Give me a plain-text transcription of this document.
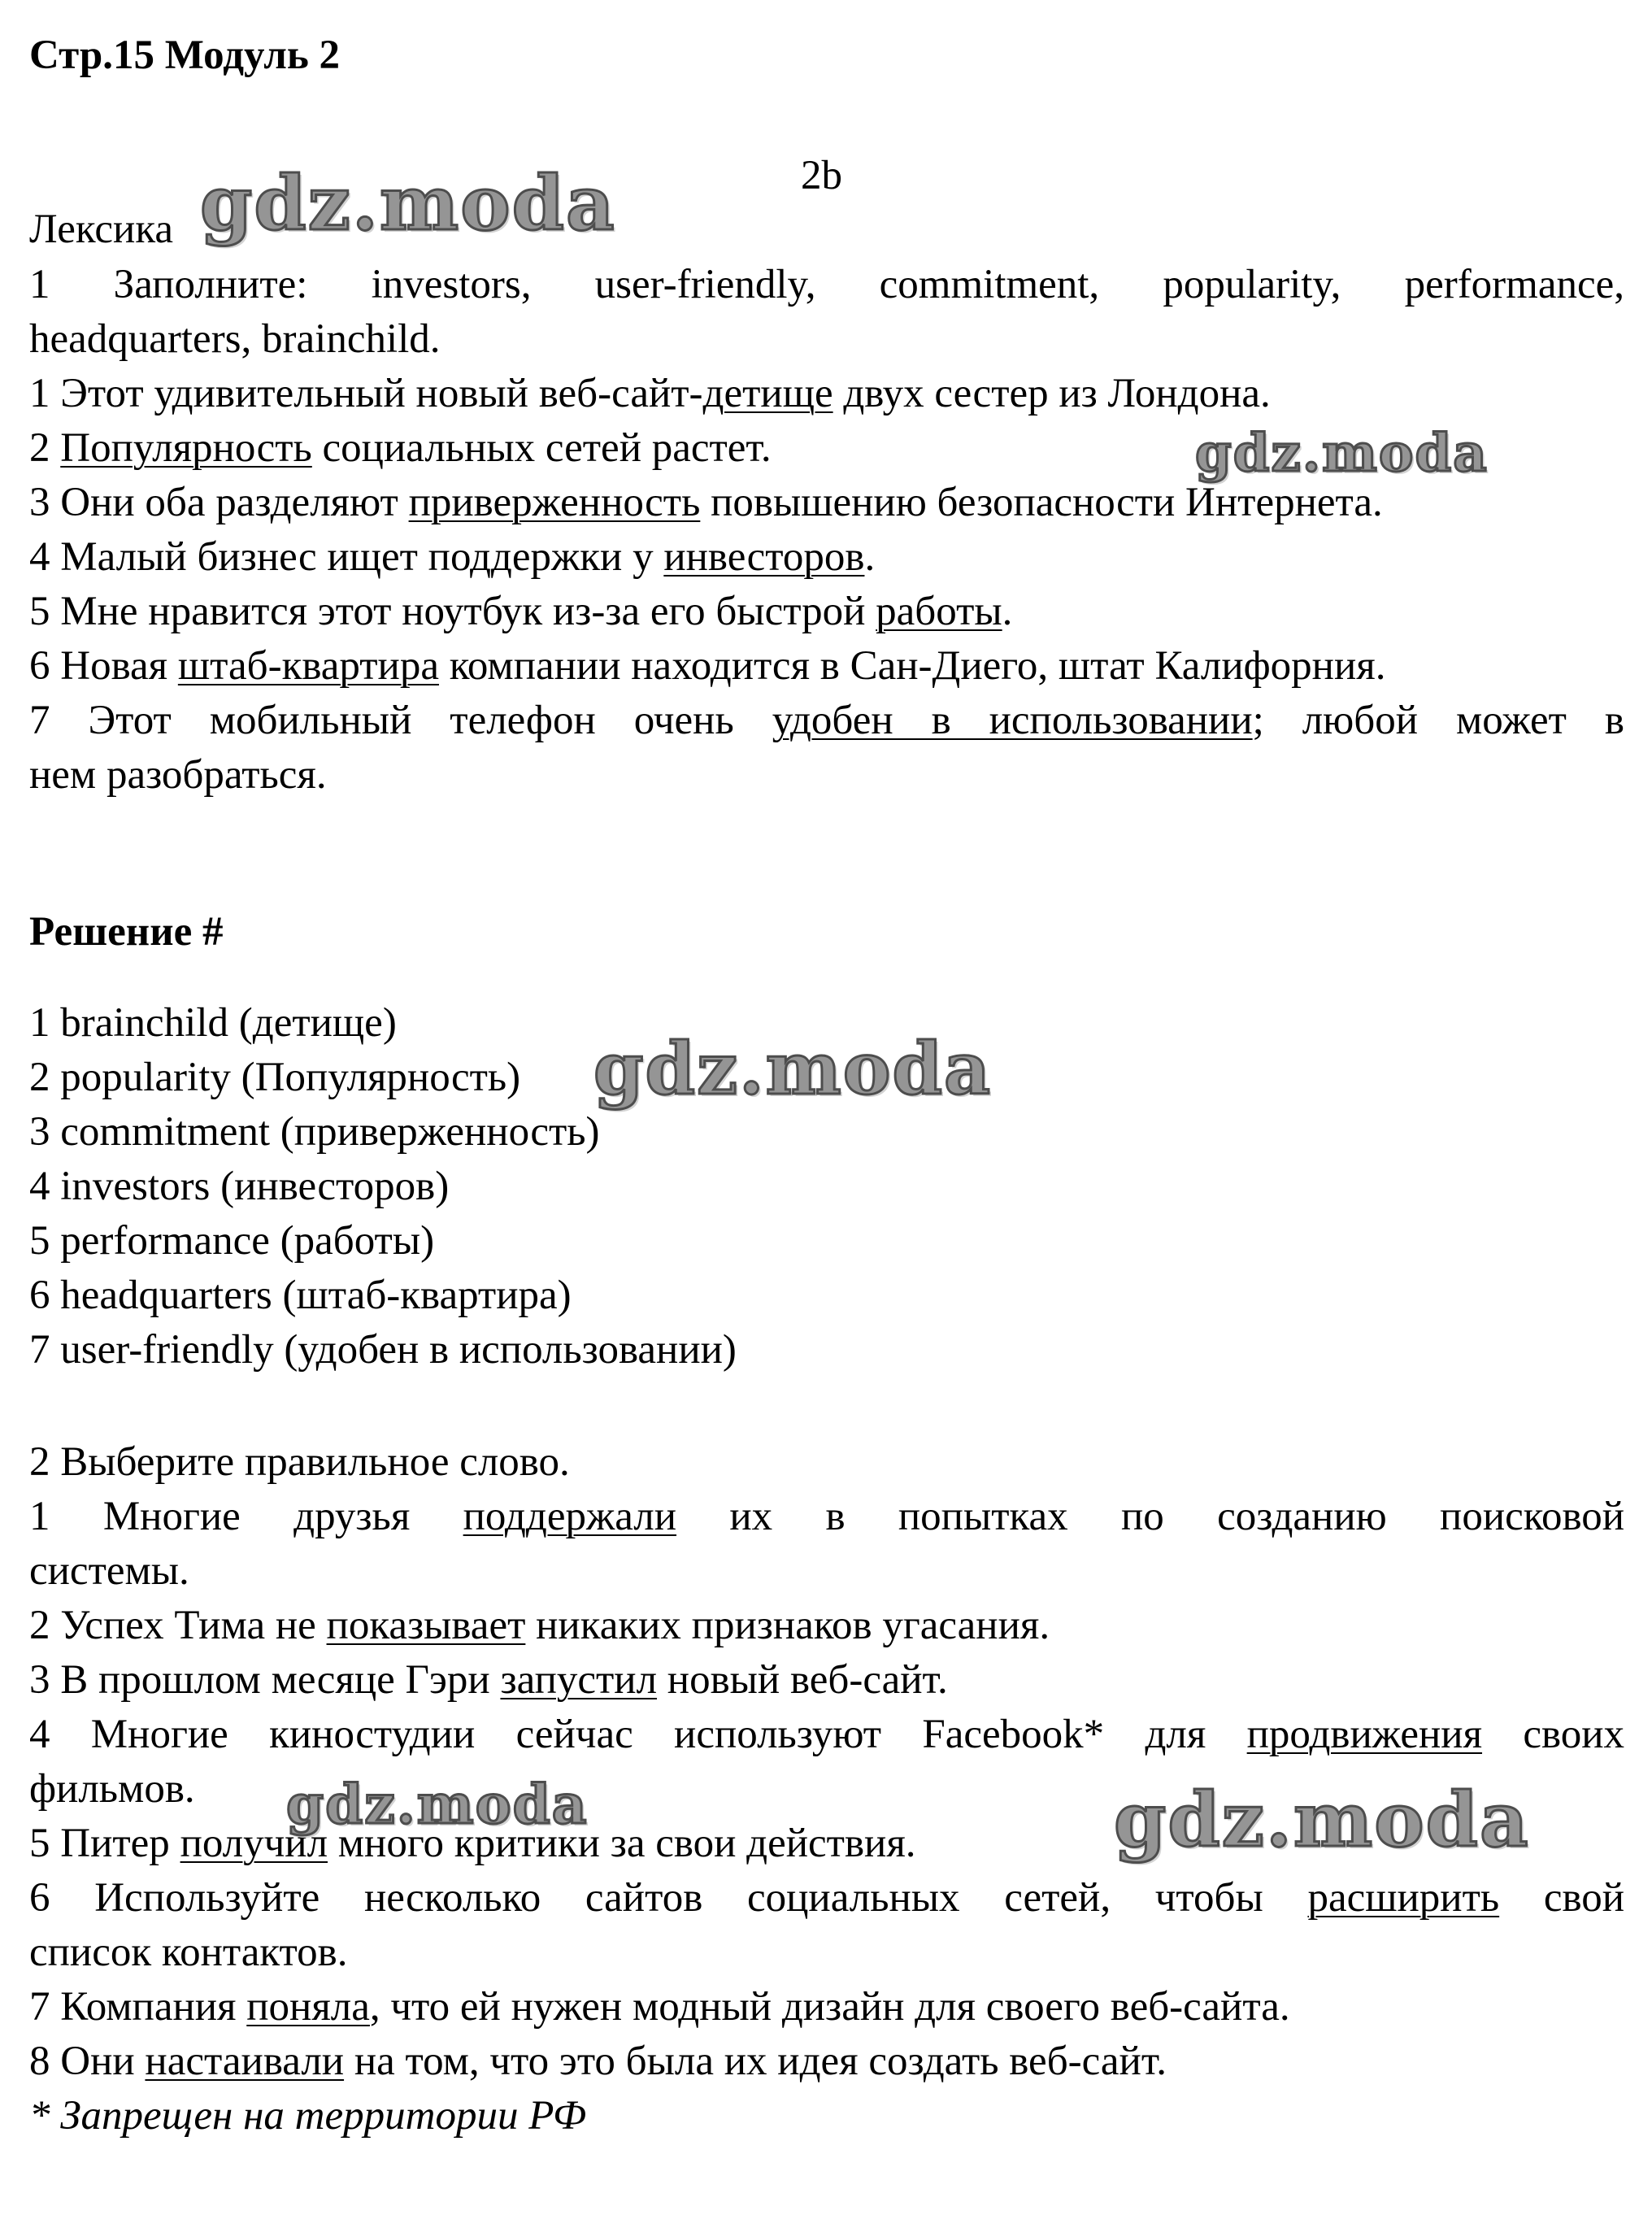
Стр.15 Модуль 2
2b
Лексика
1 Заполните: investors, user-friendly, commitment, popularity, performance,
headquarters, brainchild.
1 Этот удивительный новый веб-сайт-детище двух сестер из Лондона.
2 Популярность социальных сетей растет.
3 Они оба разделяют приверженность повышению безопасности Интернета.
4 Малый бизнес ищет поддержки у инвесторов.
5 Мне нравится этот ноутбук из-за его быстрой работы.
6 Новая штаб-квартира компании находится в Сан-Диего, штат Калифорния.
7 Этот мобильный телефон очень удобен в использовании; любой может в
нем разобраться.
Решение #
1 brainchild (детище)
2 popularity (Популярность)
3 commitment (приверженность)
4 investors (инвесторов)
5 performance (работы)
6 headquarters (штаб-квартира)
7 user-friendly (удобен в использовании)
2 Выберите правильное слово.
1 Многие друзья поддержали их в попытках по созданию поисковой
системы.
2 Успех Тима не показывает никаких признаков угасания.
3 В прошлом месяце Гэри запустил новый веб-сайт.
4 Многие киностудии сейчас используют Facebook* для продвижения своих
фильмов.
5 Питер получил много критики за свои действия.
6 Используйте несколько сайтов социальных сетей, чтобы расширить свой
список контактов.
7 Компания поняла, что ей нужен модный дизайн для своего веб-сайта.
8 Они настаивали на том, что это была их идея создать веб-сайт.
* Запрещен на территории РФ
gdz.moda
gdz.moda
gdz.moda
gdz.moda	gdz.moda
